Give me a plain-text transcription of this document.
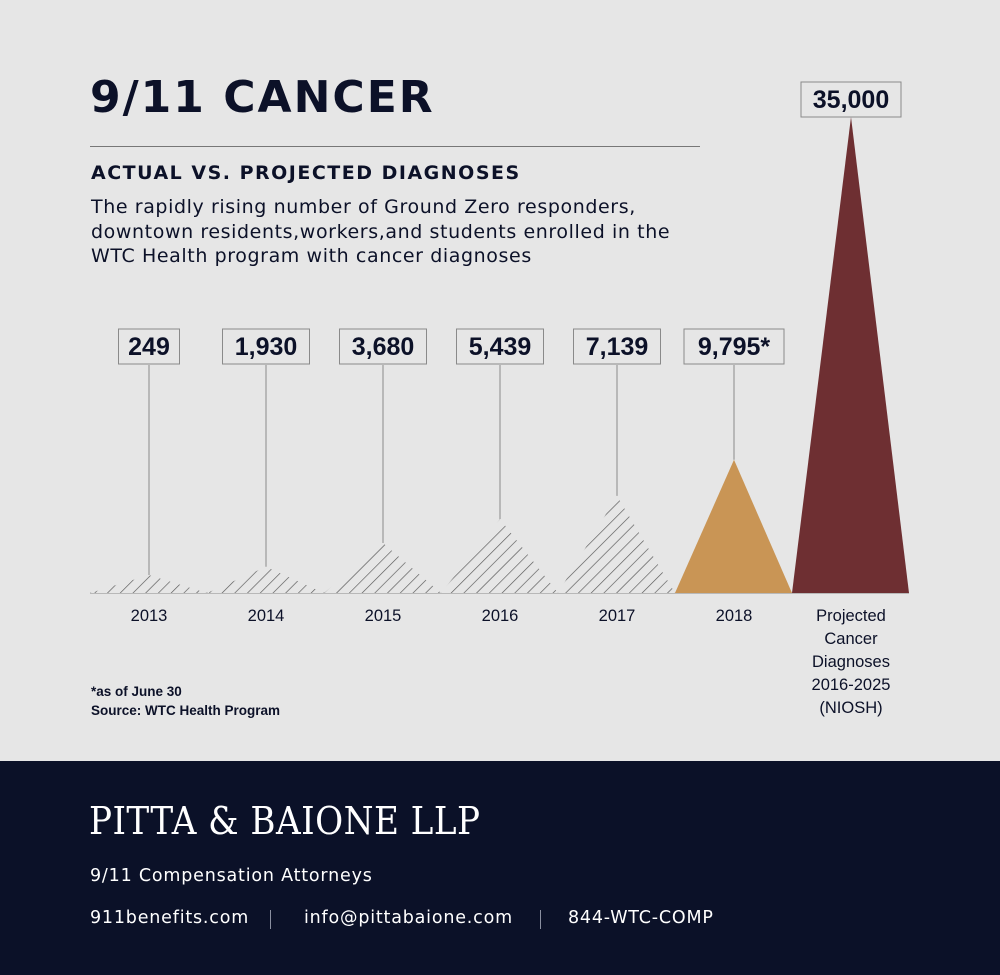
9/11 CANCER
ACTUAL VS. PROJECTED DIAGNOSES
The rapidly rising number of Ground Zero responders, downtown residents,workers,and students enrolled in the WTC Health program with cancer diagnoses
249
2013
1,930
2014
3,680
2015
5,439
2016
7,139
2017
9,795*
2018
35,000
Projected
Cancer
Diagnoses
2016-2025
(NIOSH)
*as of June 30
Source: WTC Health Program
PITTA & BAIONE LLP
9/11 Compensation Attorneys
911benefits.com	info@pittabaione.com	844-WTC-COMP
